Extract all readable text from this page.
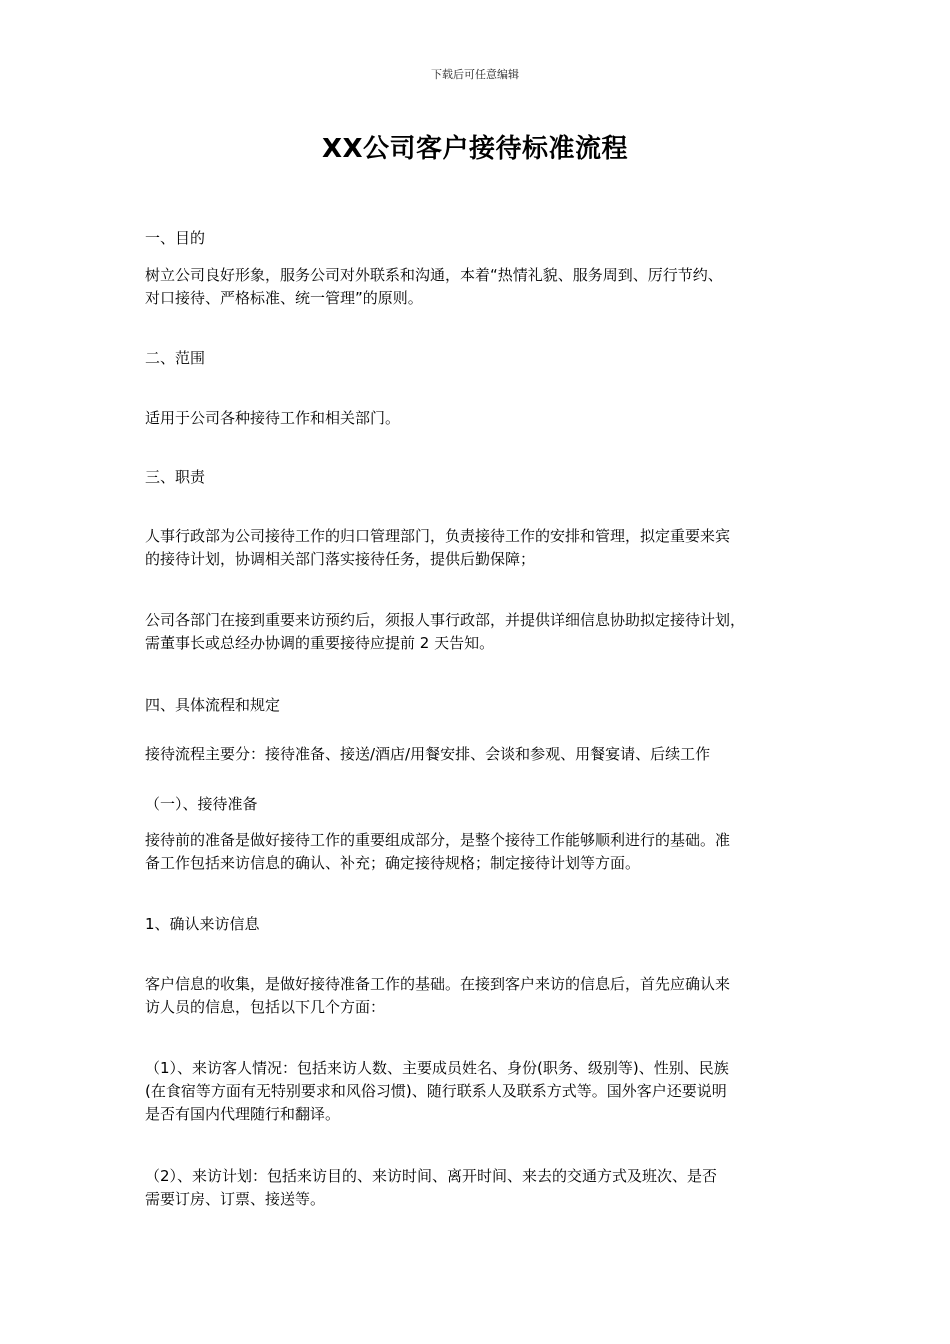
下载后可任意编辑
XX公司客户接待标准流程
一、目的
树立公司良好形象，服务公司对外联系和沟通，本着“热情礼貌、服务周到、厉行节约、
对口接待、严格标准、统一管理”的原则。
二、范围
适用于公司各种接待工作和相关部门。
三、职责
人事行政部为公司接待工作的归口管理部门，负责接待工作的安排和管理，拟定重要来宾
的接待计划，协调相关部门落实接待任务，提供后勤保障；
公司各部门在接到重要来访预约后，须报人事行政部，并提供详细信息协助拟定接待计划，
需董事长或总经办协调的重要接待应提前 2 天告知。
四、具体流程和规定
接待流程主要分：接待准备、接送/酒店/用餐安排、会谈和参观、用餐宴请、后续工作
（一）、接待准备
接待前的准备是做好接待工作的重要组成部分，是整个接待工作能够顺利进行的基础。准
备工作包括来访信息的确认、补充；确定接待规格；制定接待计划等方面。
1、确认来访信息
客户信息的收集，是做好接待准备工作的基础。在接到客户来访的信息后，首先应确认来
访人员的信息，包括以下几个方面：
（1）、来访客人情况：包括来访人数、主要成员姓名、身份(职务、级别等)、性别、民族
(在食宿等方面有无特别要求和风俗习惯)、随行联系人及联系方式等。国外客户还要说明
是否有国内代理随行和翻译。
（2）、来访计划：包括来访目的、来访时间、离开时间、来去的交通方式及班次、是否
需要订房、订票、接送等。
